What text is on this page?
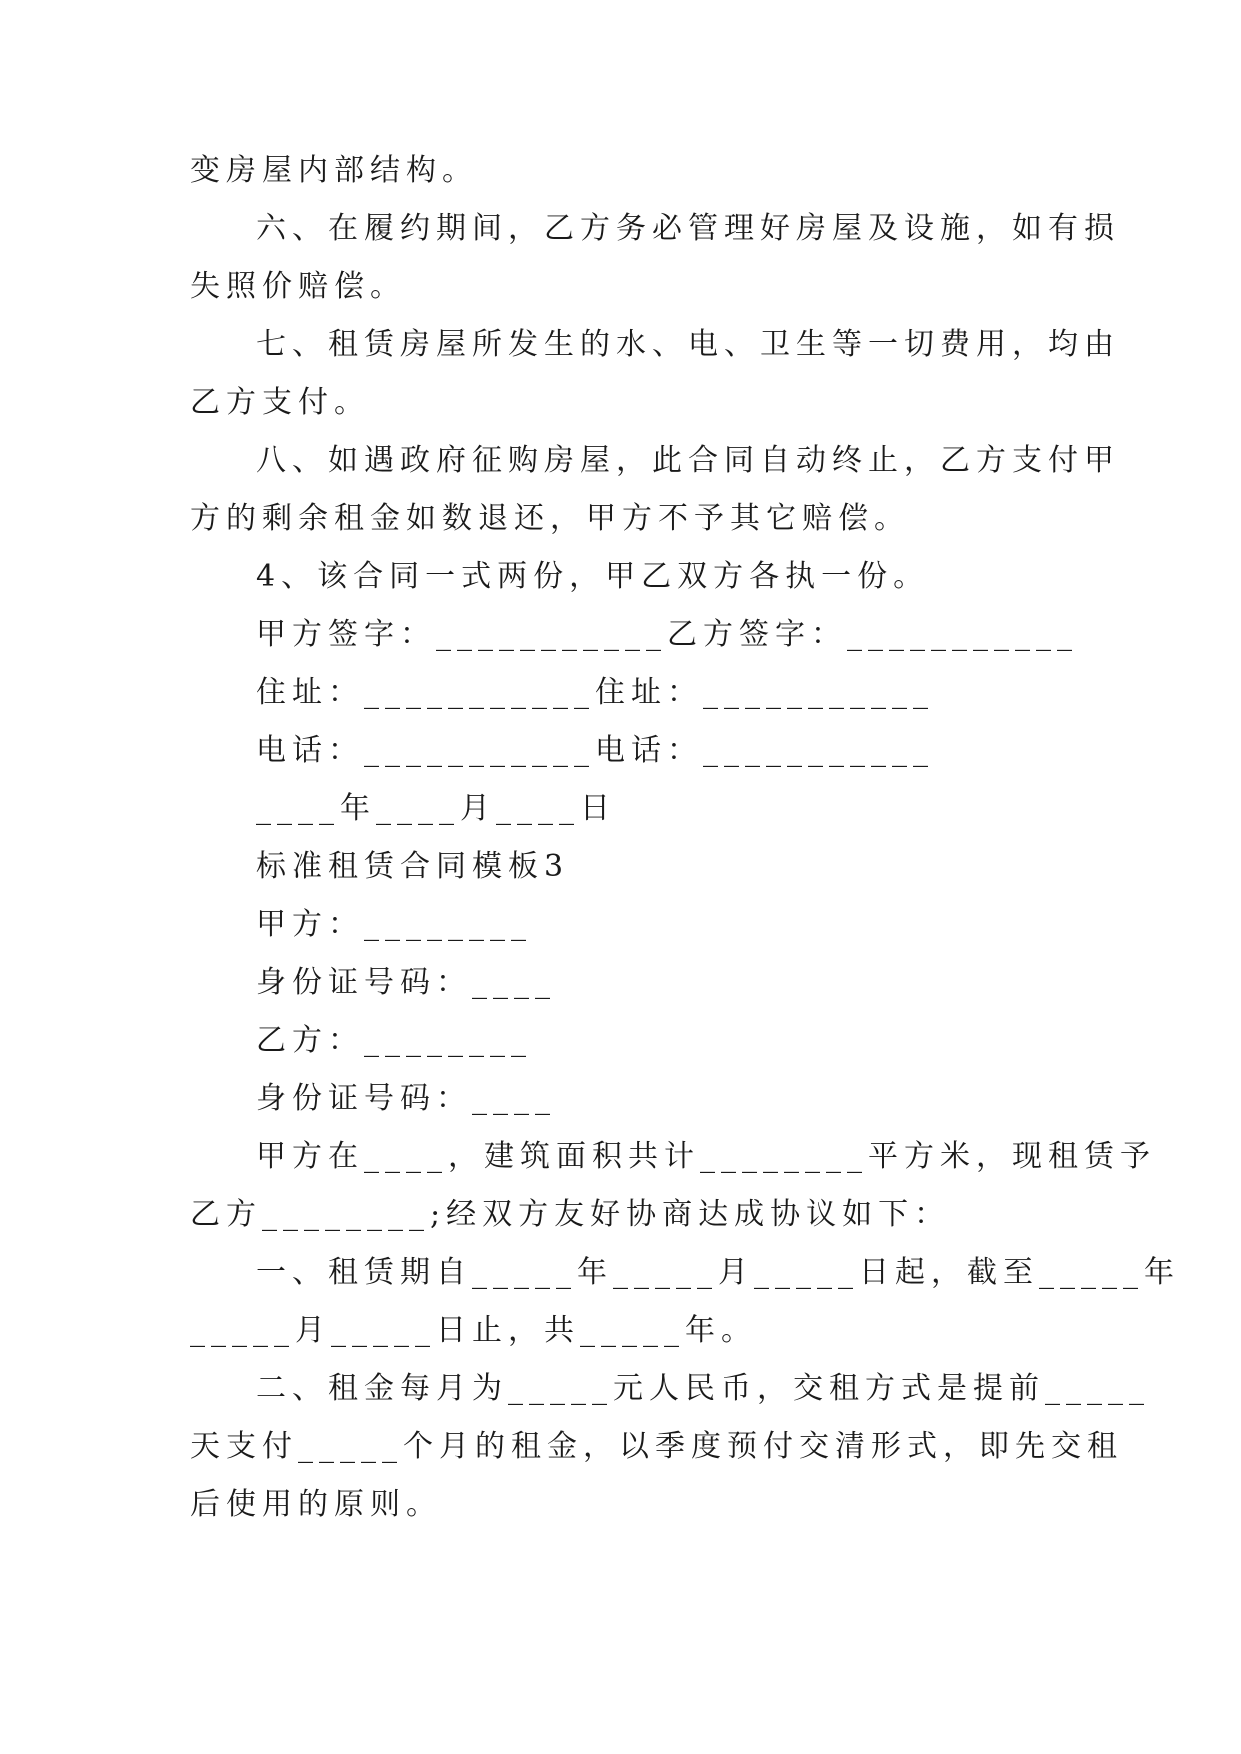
变房屋内部结构。
六、在履约期间，乙方务必管理好房屋及设施，如有损
失照价赔偿。
七、租赁房屋所发生的水、电、卫生等一切费用，均由
乙方支付。
八、如遇政府征购房屋，此合同自动终止，乙方支付甲
方的剩余租金如数退还，甲方不予其它赔偿。
4、该合同一式两份，甲乙双方各执一份。
甲方签字：___________乙方签字：___________
住址：___________住址：___________
电话：___________电话：___________
____年____月____日
标准租赁合同模板3
甲方：________
身份证号码：____
乙方：________
身份证号码：____
甲方在____，建筑面积共计________平方米，现租赁予
乙方________;经双方友好协商达成协议如下：
一、租赁期自_____年_____月_____日起，截至_____年
_____月_____日止，共_____年。
二、租金每月为_____元人民币，交租方式是提前_____
天支付_____个月的租金，以季度预付交清形式，即先交租
后使用的原则。
